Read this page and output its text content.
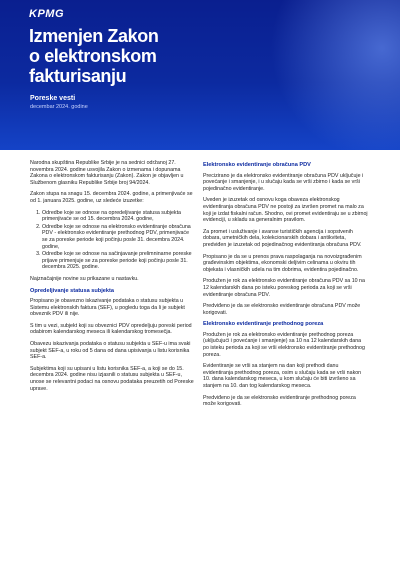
KPMG
Izmenjen Zakon
o elektronskom
fakturisanju
Poreske vesti
decembar 2024. godine

Narodna skupština Republike Srbije je na sednici održanoj 27. novembra 2024. godine usvojila Zakon o izmenama i dopunama Zakona o elektronskom fakturisanju (Zakon). Zakon je objavljen u Službenom glasniku Republike Srbije broj 94/2024.

Zakon stupa na snagu 15. decembra 2024. godine, a primenjivaće se od 1. januara 2025. godine, uz sledeće izuzetke:

1. Odredbe koje se odnose na opredeljivanje statusa subjekta primenjivaće se od 15. decembra 2024. godine,
2. Odredbe koje se odnose na elektronsko evidentiranje obračuna PDV - elektronsko evidentiranje prethodnog PDV, primenjivaće se za poreske periode koji počinju posle 31. decembra 2024. godine,
3. Odredbe koje se odnose na sačinjavanje prelimninarne poreske prijave primenjuje se za poreske periode koji počinju posle 31. decembra 2025. godine.

Najznačajnije novine su prikazane u nastavku.

Opredeljivanje statusa subjekta

Propisano je obavezno iskazivanje podataka o statusu subjekta u Sistemu elektronskih faktura (SEF), u pogledu toga da li je subjekt obveznik PDV ili nije.

S tim u vezi, subjekt koji su obveznici PDV opredeljuju poreski period odabirom kalendarskog meseca ili kalendarskog tromesečja.

Obavezu iskazivanja podataka o statusu subjekta u SEF-u ima svaki subjekt SEF-a, u roku od 5 dana od dana upisivanja u listu korisnika SEF-a.

Subjektima koji su upisani u listu korisnika SEF-a, a koji se do 15. decembra 2024. godine nisu izjasnili o statusu subjekta u SEF-u, unose se relevantni podaci na osnovu podataka preuzetih od Poreske uprave.

Elektronsko evidentiranje obračuna PDV

Precizirano je da elektronsko evidentiranje obračuna PDV uključuje i povećanje i smanjenje, i u slučaju kada se vrši zbirno i kada se vrši pojedinačno evidentiranje.

Uveden je izuzetak od osnovu koga obaveza elektronskog evidentiranja obračuna PDV ne postoji za izvršen promet na malo za koji je izdat fiskalni račun. Shodno, ovi promet evidentiraju se u zbirnoj evidenciji, u skladu sa generalnim pravilom.

Za promet i usluživanje i avanse turističkih agencija i sopstvenih dobara, umetničkih dela, kolekcionarskih dobara i antikviteta, predviđen je izuzetak od pojedinačnog evidentiranja obračuna PDV.

Propisano je da se u prenos prava raspolaganja na novoizgrađenim građevinskim objektima, ekonomski deljivim celinama u okviru tih objekata i vlasničkih udela na tim dobrima, evidentira pojedinačno.

Produžen je rok za elektronsko evidentiranje obračuna PDV sa 10 na 12 kalendarskih dana po isteku poreskog perioda za koji se vrši evidentiranje obračuna PDV.

Predviđeno je da se elektronsko evidentiranje obračuna PDV može korigovati.

Elektronsko evidentiranje prethodnog poreza

Produžen je rok za elektronsko evidentiranje prethodnog poreza (uključujući i povećanje i smanjenje) sa 10 na 12 kalendarskih dana po isteku perioda za koji se vrši elektronsko evidentiranje prethodnog poreza.

Evidentiranje se vrši sa stanjem na dan koji prethodi danu evidentiranja prethodnog poreza, osim u slučaju kada se vrši nakon 10. dana kalendarskog meseca, u kom slučaju će biti izvršeno sa stanjem na 10. dan tog kalendarskog meseca.

Predviđeno je da se elektronsko evidentiranje prethodnog poreza može korigovati.
